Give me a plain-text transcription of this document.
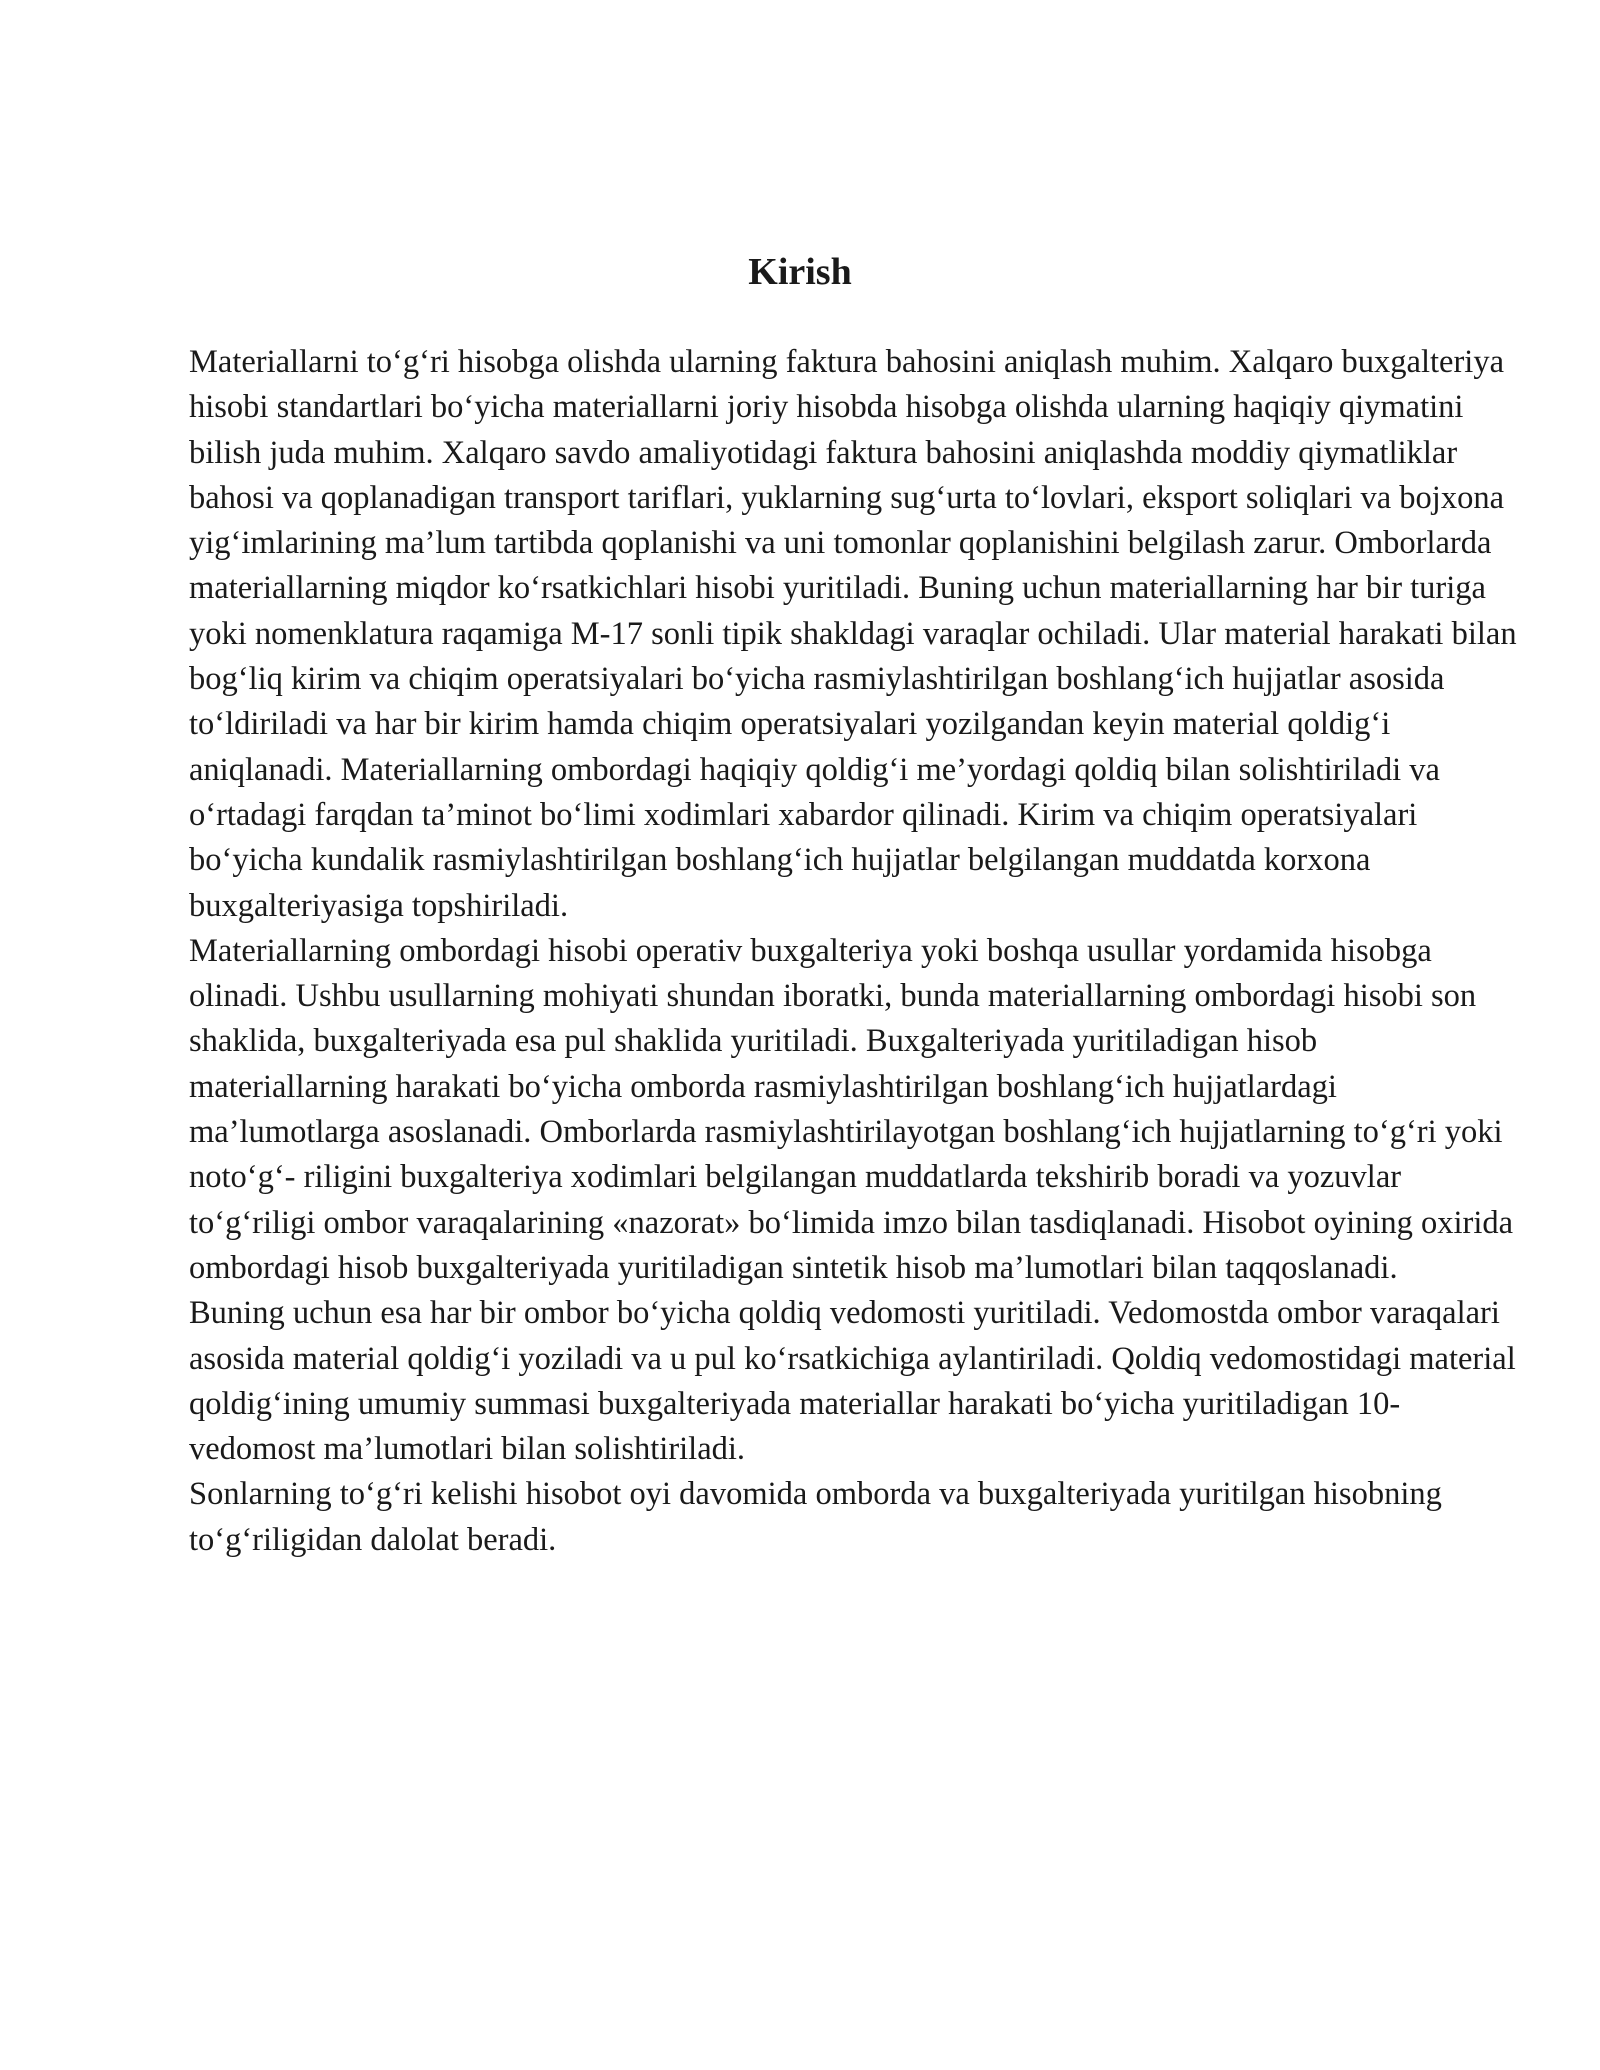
Kirish

Materiallarni to‘g‘ri hisobga olishda ularning faktura bahosini aniqlash muhim. Xalqaro buxgalteriya hisobi standartlari bo‘yicha materiallarni joriy hisobda hisobga olishda ularning haqiqiy qiymatini bilish juda muhim. Xalqaro savdo amaliyotidagi faktura bahosini aniqlashda moddiy qiymatliklar bahosi va qoplanadigan transport tariflari, yuklarning sug‘urta to‘lovlari, eksport soliqlari va bojxona yig‘imlarining ma’lum tartibda qoplanishi va uni tomonlar qoplanishini belgilash zarur. Omborlarda materiallarning miqdor ko‘rsatkichlari hisobi yuritiladi. Buning uchun materiallarning har bir turiga yoki nomenklatura raqamiga M-17 sonli tipik shakldagi varaqlar ochiladi. Ular material harakati bilan bog‘liq kirim va chiqim operatsiyalari bo‘yicha rasmiylashtirilgan boshlang‘ich hujjatlar asosida to‘ldiriladi va har bir kirim hamda chiqim operatsiyalari yozilgandan keyin material qoldig‘i aniqlanadi. Materiallarning ombordagi haqiqiy qoldig‘i me’yordagi qoldiq bilan solishtiriladi va o‘rtadagi farqdan ta’minot bo‘limi xodimlari xabardor qilinadi. Kirim va chiqim operatsiyalari bo‘yicha kundalik rasmiylashtirilgan boshlang‘ich hujjatlar belgilangan muddatda korxona buxgalteriyasiga topshiriladi.

Materiallarning ombordagi hisobi operativ buxgalteriya yoki boshqa usullar yordamida hisobga olinadi. Ushbu usullarning mohiyati shundan iboratki, bunda materiallarning ombordagi hisobi son shaklida, buxgalteriyada esa pul shaklida yuritiladi. Buxgalteriyada yuritiladigan hisob materiallarning harakati bo‘yicha omborda rasmiylashtirilgan boshlang‘ich hujjatlardagi ma’lumotlarga asoslanadi. Omborlarda rasmiylashtirilayotgan boshlang‘ich hujjatlarning to‘g‘ri yoki noto‘g‘- riligini buxgalteriya xodimlari belgilangan muddatlarda tekshirib boradi va yozuvlar to‘g‘riligi ombor varaqalarining «nazorat» bo‘limida imzo bilan tasdiqlanadi. Hisobot oyining oxirida ombordagi hisob buxgalteriyada yuritiladigan sintetik hisob ma’lumotlari bilan taqqoslanadi.

Buning uchun esa har bir ombor bo‘yicha qoldiq vedomosti yuritiladi. Vedomostda ombor varaqalari asosida material qoldig‘i yoziladi va u pul ko‘rsatkichiga aylantiriladi. Qoldiq vedomostidagi material qoldig‘ining umumiy summasi buxgalteriyada materiallar harakati bo‘yicha yuritiladigan 10-vedomost ma’lumotlari bilan solishtiriladi.

Sonlarning to‘g‘ri kelishi hisobot oyi davomida omborda va buxgalteriyada yuritilgan hisobning to‘g‘riligidan dalolat beradi.
